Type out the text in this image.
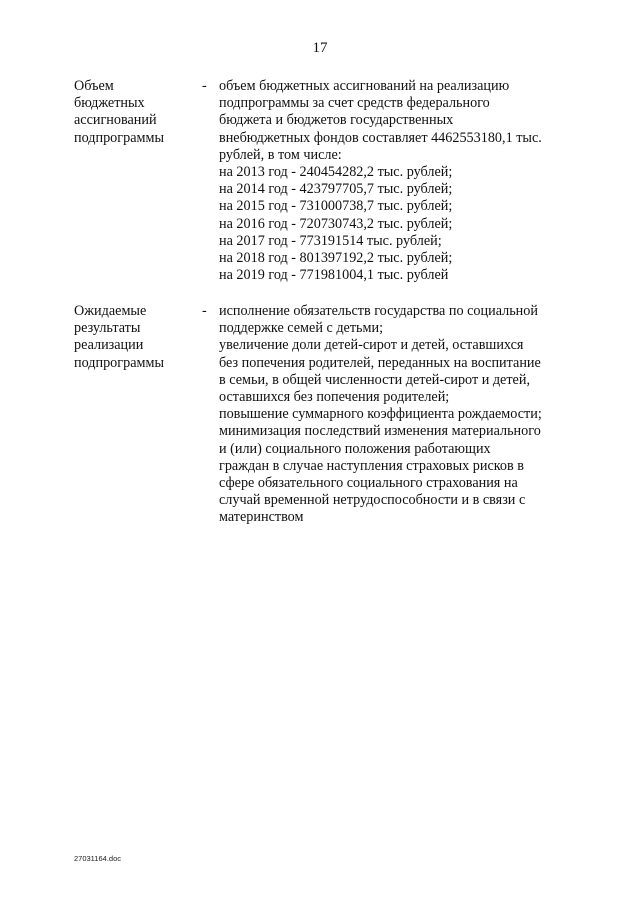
17
Объем
бюджетных
ассигнований
подпрограммы
- объем бюджетных ассигнований на реализацию
подпрограммы за счет средств федерального
бюджета и бюджетов государственных
внебюджетных фондов составляет 4462553180,1 тыс.
рублей, в том числе:
на 2013 год - 240454282,2 тыс. рублей;
на 2014 год - 423797705,7 тыс. рублей;
на 2015 год - 731000738,7 тыс. рублей;
на 2016 год - 720730743,2 тыс. рублей;
на 2017 год - 773191514 тыс. рублей;
на 2018 год - 801397192,2 тыс. рублей;
на 2019 год - 771981004,1 тыс. рублей
Ожидаемые
результаты
реализации
подпрограммы
- исполнение обязательств государства по социальной
поддержке семей с детьми;
увеличение доли детей-сирот и детей, оставшихся
без попечения родителей, переданных на воспитание
в семьи, в общей численности детей-сирот и детей,
оставшихся без попечения родителей;
повышение суммарного коэффициента рождаемости;
минимизация последствий изменения материального
и (или) социального положения работающих
граждан в случае наступления страховых рисков в
сфере обязательного социального страхования на
случай временной нетрудоспособности и в связи с
материнством
27031164.doc
